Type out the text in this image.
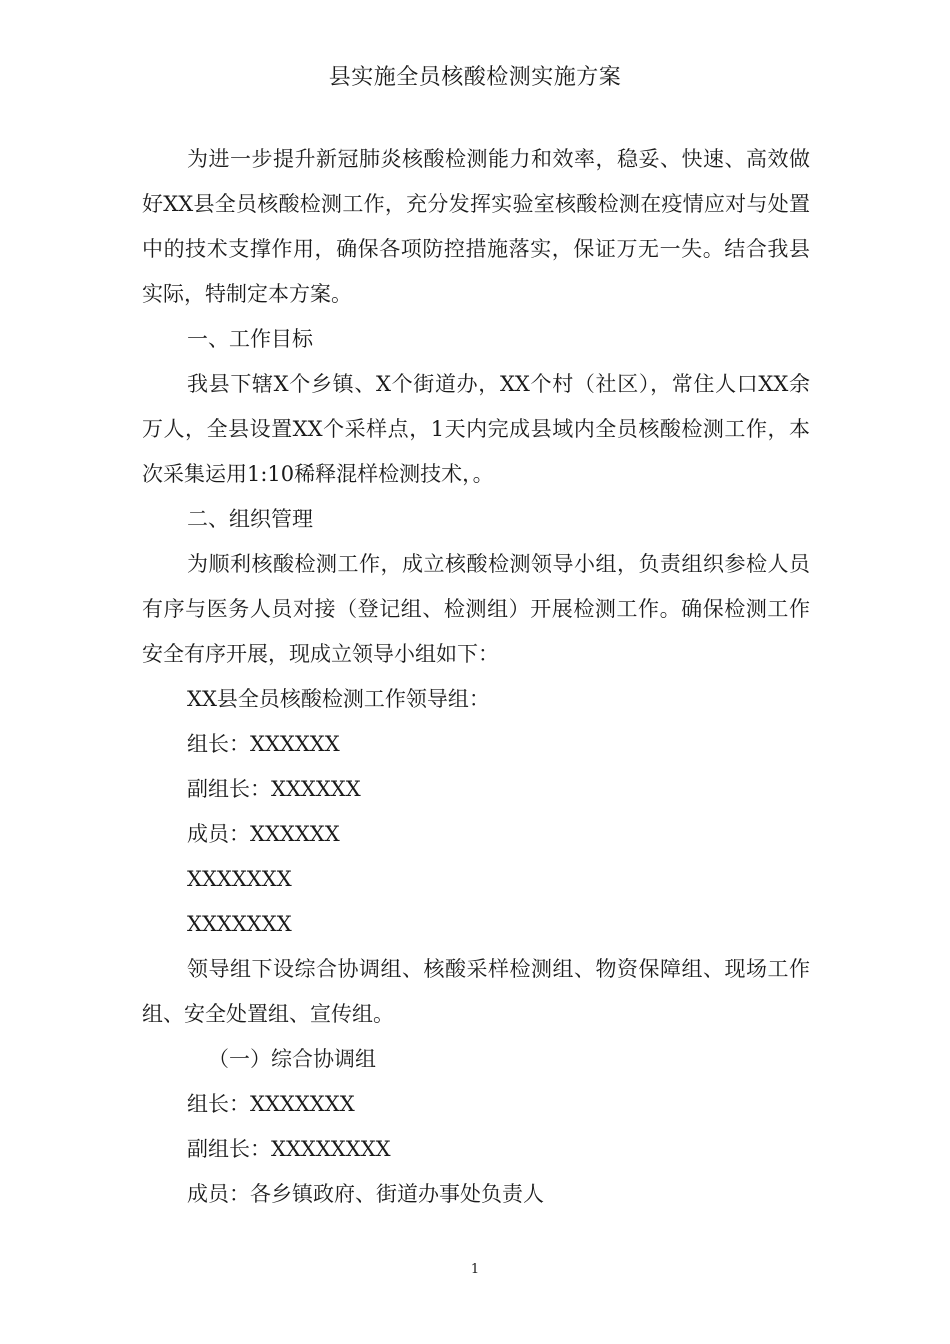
县实施全员核酸检测实施方案

为进一步提升新冠肺炎核酸检测能力和效率，稳妥、快速、高效做好XX县全员核酸检测工作，充分发挥实验室核酸检测在疫情应对与处置中的技术支撑作用，确保各项防控措施落实，保证万无一失。结合我县实际，特制定本方案。

一、工作目标

我县下辖X个乡镇、X个街道办，XX个村（社区），常住人口XX余万人，全县设置XX个采样点，1天内完成县域内全员核酸检测工作，本次采集运用1:10稀释混样检测技术，。

二、组织管理

为顺利核酸检测工作，成立核酸检测领导小组，负责组织参检人员有序与医务人员对接（登记组、检测组）开展检测工作。确保检测工作安全有序开展，现成立领导小组如下：

XX县全员核酸检测工作领导组：

组长：XXXXXX

副组长：XXXXXX

成员：XXXXXX

XXXXXXX

XXXXXXX

领导组下设综合协调组、核酸采样检测组、物资保障组、现场工作组、安全处置组、宣传组。

（一）综合协调组

组长：XXXXXXX

副组长：XXXXXXXX

成员：各乡镇政府、街道办事处负责人

1
